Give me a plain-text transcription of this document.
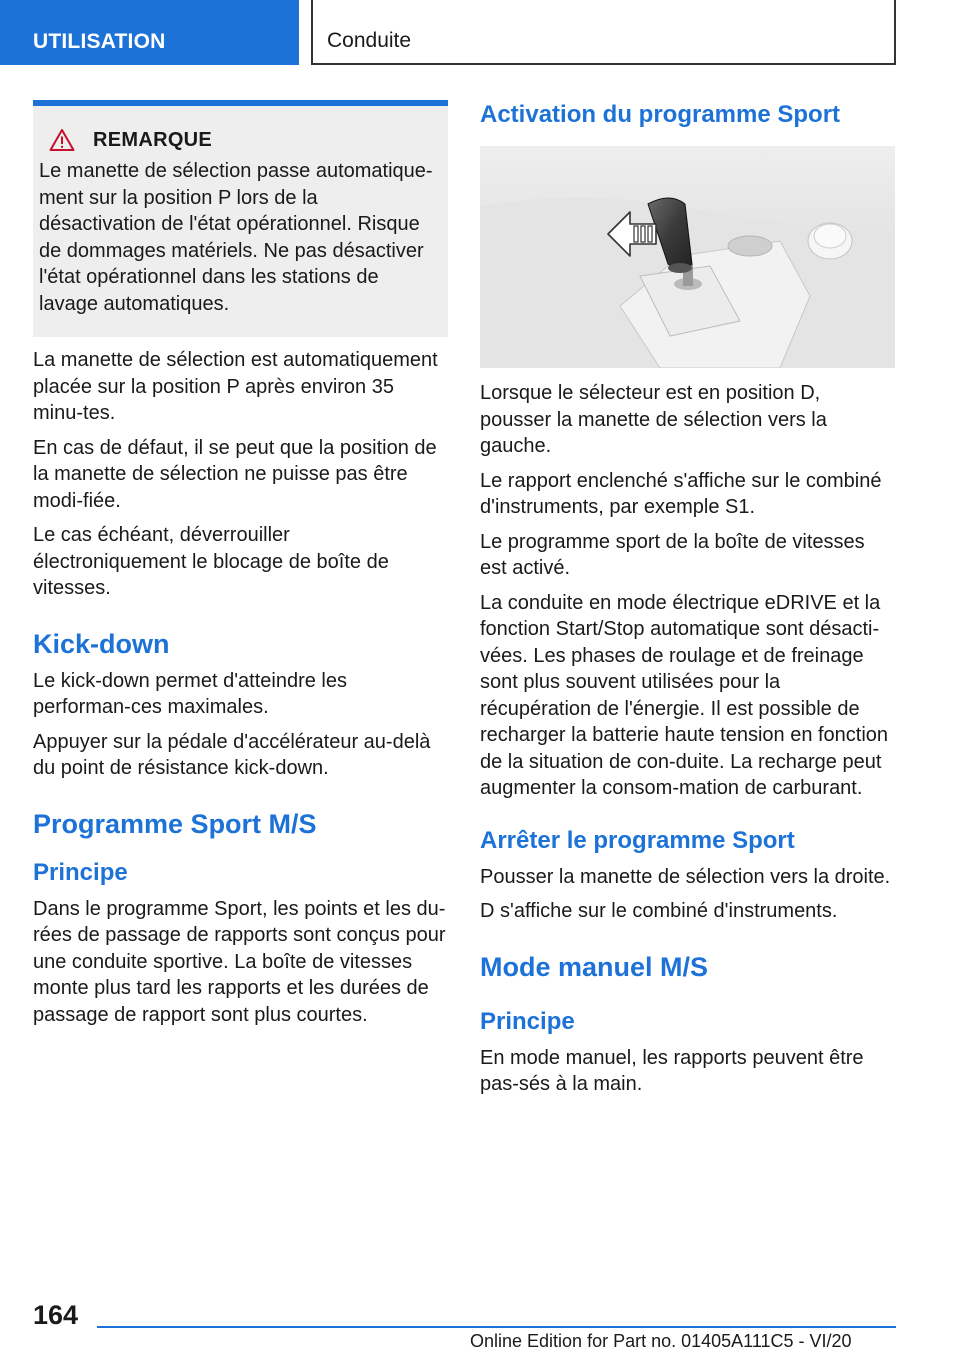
UTILISATION	Conduite
REMARQUE
Le manette de sélection passe automatique‐ment sur la position P lors de la désactivation de l'état opérationnel. Risque de dommages matériels. Ne pas désactiver l'état opérationnel dans les stations de lavage automatiques.

La manette de sélection est automatiquement placée sur la position P après environ 35 minu‐tes.

En cas de défaut, il se peut que la position de la manette de sélection ne puisse pas être modi‐fiée.

Le cas échéant, déverrouiller électroniquement le blocage de boîte de vitesses.

Kick-down

Le kick-down permet d'atteindre les performan‐ces maximales.

Appuyer sur la pédale d'accélérateur au-delà du point de résistance kick-down.

Programme Sport M/S
Principe

Dans le programme Sport, les points et les du‐rées de passage de rapports sont conçus pour une conduite sportive. La boîte de vitesses monte plus tard les rapports et les durées de passage de rapport sont plus courtes.

Activation du programme Sport

Lorsque le sélecteur est en position D, pousser la manette de sélection vers la gauche.

Le rapport enclenché s'affiche sur le combiné d'instruments, par exemple S1.

Le programme sport de la boîte de vitesses est activé.

La conduite en mode électrique eDRIVE et la fonction Start/Stop automatique sont désacti‐vées. Les phases de roulage et de freinage sont plus souvent utilisées pour la récupération de l'énergie. Il est possible de recharger la batterie haute tension en fonction de la situation de con‐duite. La recharge peut augmenter la consom‐mation de carburant.

Arrêter le programme Sport

Pousser la manette de sélection vers la droite.

D s'affiche sur le combiné d'instruments.

Mode manuel M/S
Principe

En mode manuel, les rapports peuvent être pas‐sés à la main.

164
Online Edition for Part no. 01405A111C5 - VI/20
